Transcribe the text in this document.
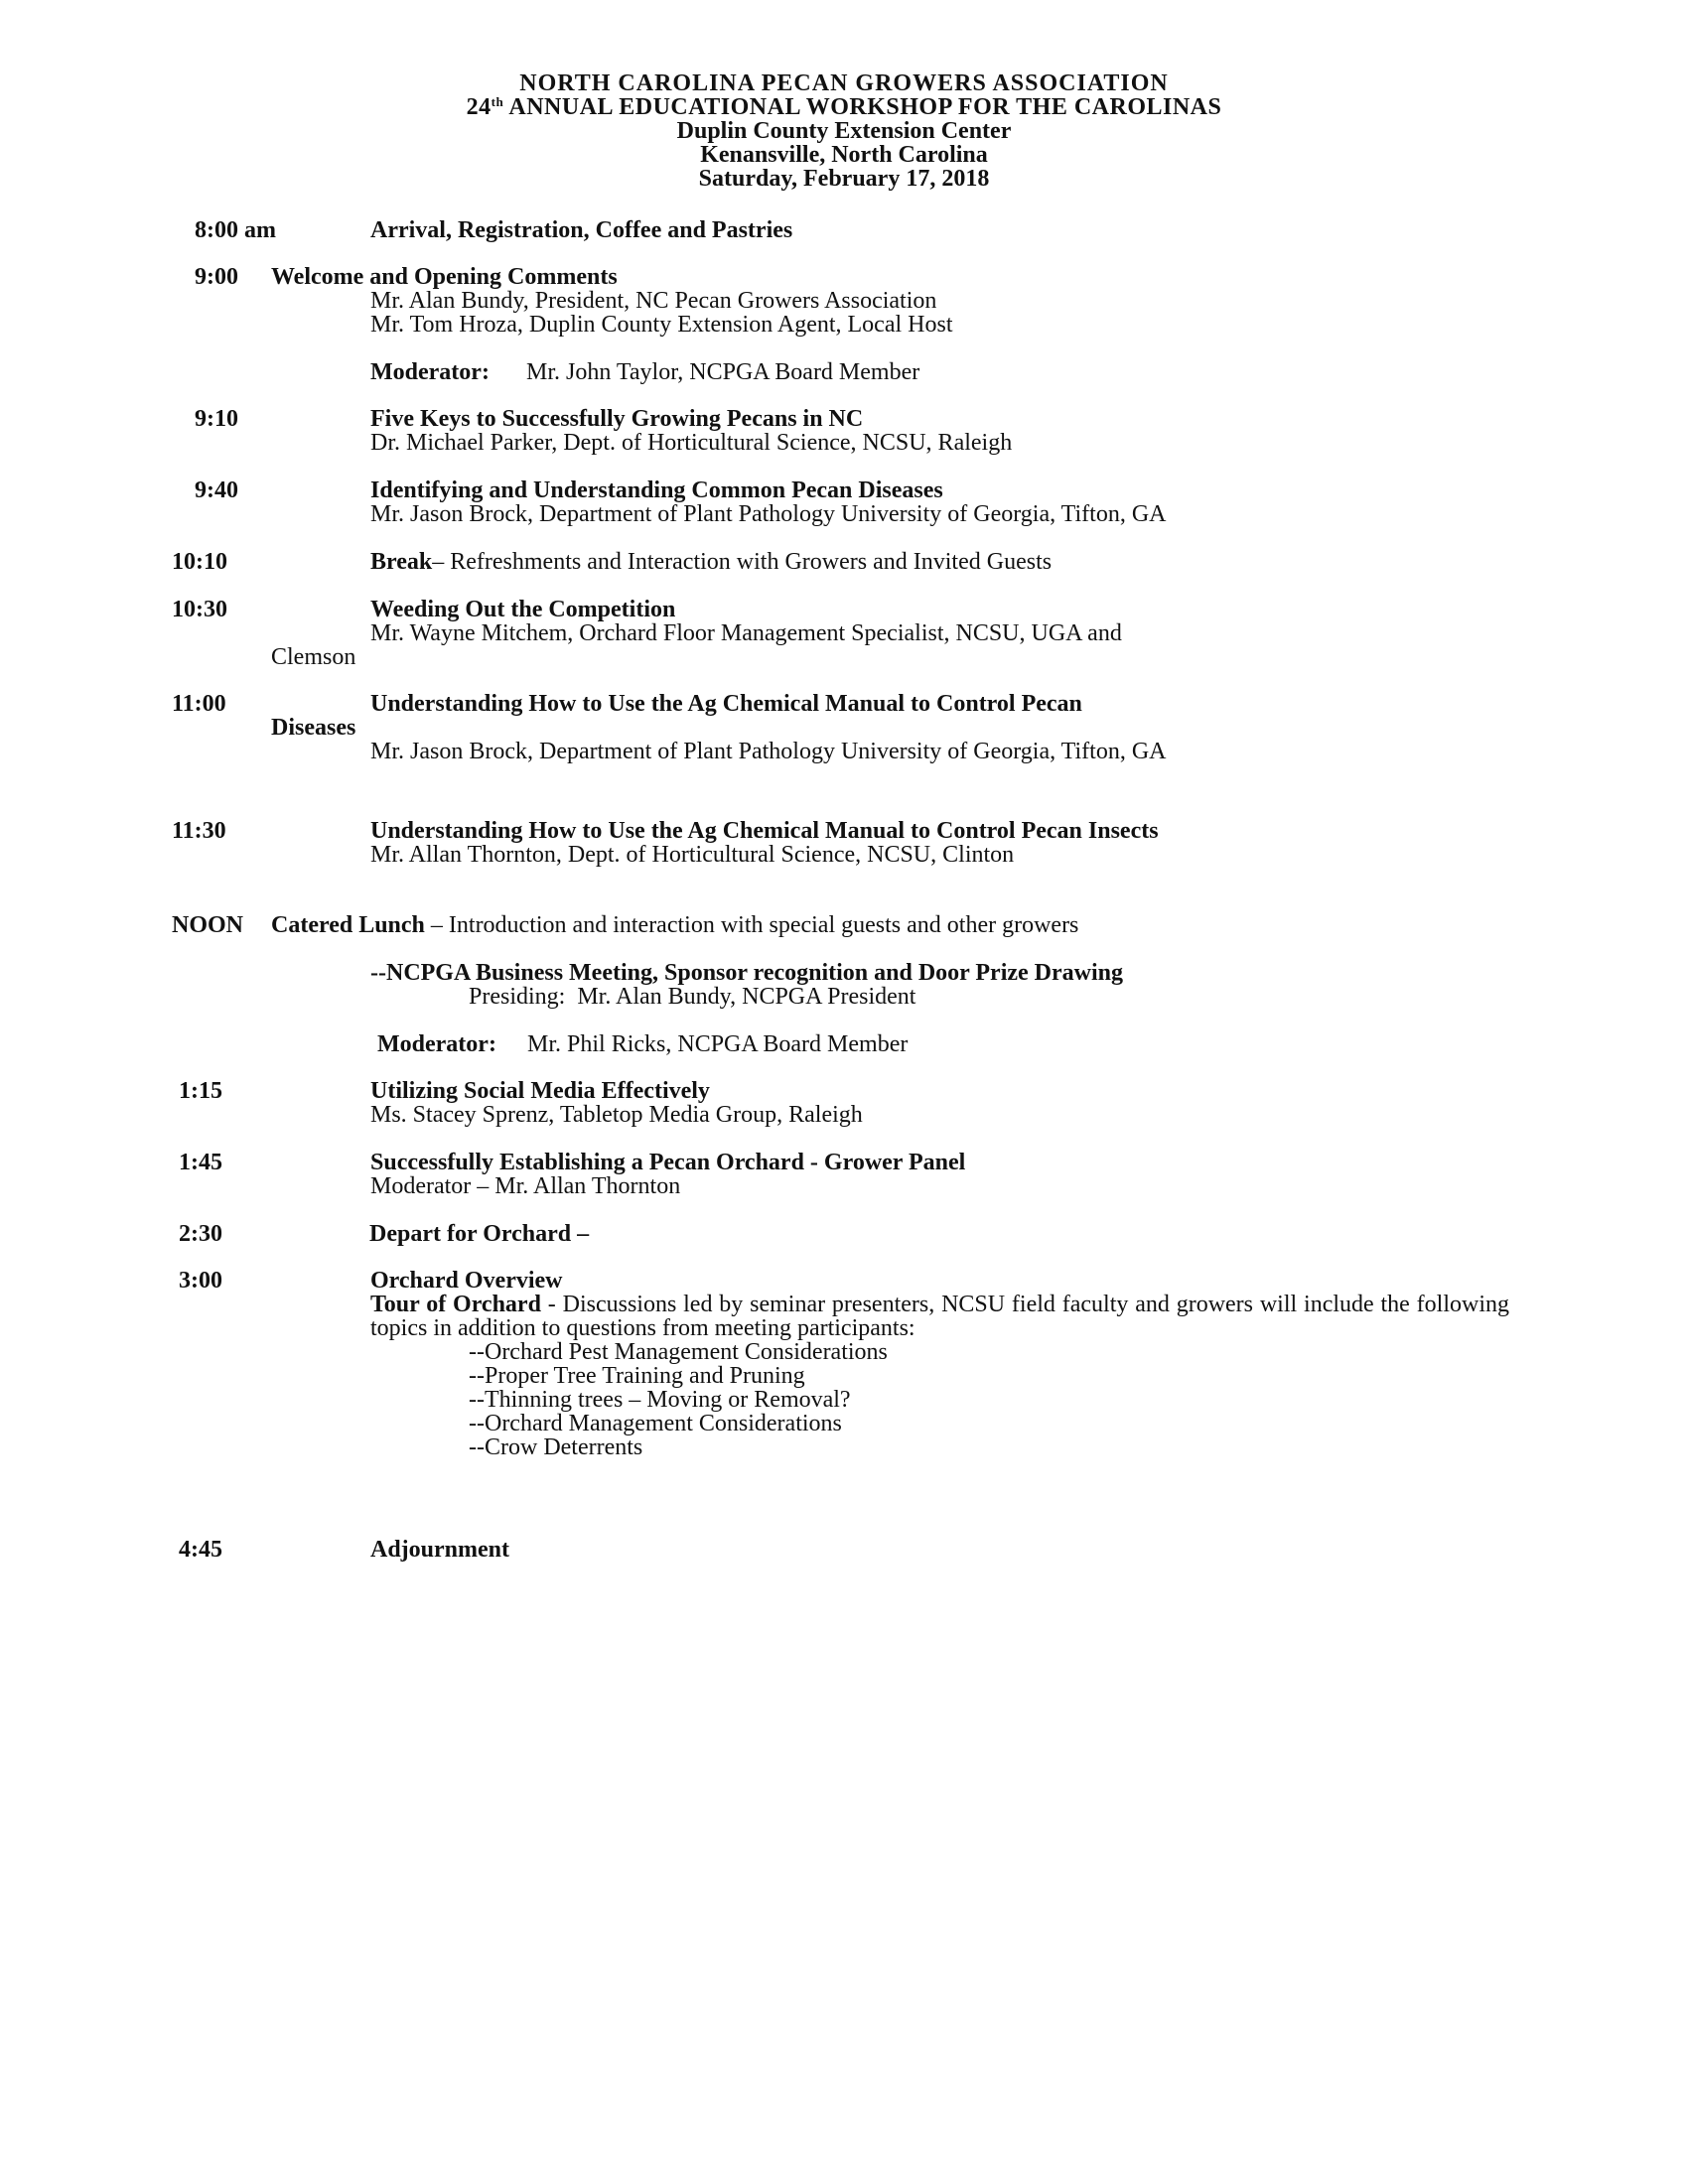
NORTH CAROLINA PECAN GROWERS ASSOCIATION
24th ANNUAL EDUCATIONAL WORKSHOP FOR THE CAROLINAS
Duplin County Extension Center
Kenansville, North Carolina
Saturday, February 17, 2018
8:00 am	Arrival, Registration, Coffee and Pastries
9:00 Welcome and Opening Comments
Mr. Alan Bundy, President, NC Pecan Growers Association
Mr. Tom Hroza, Duplin County Extension Agent, Local Host
Moderator: Mr. John Taylor, NCPGA Board Member
9:10	Five Keys to Successfully Growing Pecans in NC
Dr. Michael Parker, Dept. of Horticultural Science, NCSU, Raleigh
9:40	Identifying and Understanding Common Pecan Diseases
Mr. Jason Brock, Department of Plant Pathology University of Georgia, Tifton, GA
10:10	Break– Refreshments and Interaction with Growers and Invited Guests
10:30	Weeding Out the Competition
Mr. Wayne Mitchem, Orchard Floor Management Specialist, NCSU, UGA and
Clemson
11:00	Understanding How to Use the Ag Chemical Manual to Control Pecan
Diseases
Mr. Jason Brock, Department of Plant Pathology University of Georgia, Tifton, GA
11:30	Understanding How to Use the Ag Chemical Manual to Control Pecan Insects
Mr. Allan Thornton, Dept. of Horticultural Science, NCSU, Clinton
NOON Catered Lunch – Introduction and interaction with special guests and other growers
--NCPGA Business Meeting, Sponsor recognition and Door Prize Drawing
Presiding:  Mr. Alan Bundy, NCPGA President
Moderator: Mr. Phil Ricks, NCPGA Board Member
1:15	Utilizing Social Media Effectively
Ms. Stacey Sprenz, Tabletop Media Group, Raleigh
1:45	Successfully Establishing a Pecan Orchard - Grower Panel
Moderator – Mr. Allan Thornton
2:30	Depart for Orchard –
3:00	Orchard Overview
Tour of Orchard - Discussions led by seminar presenters, NCSU field faculty and growers will include the following topics in addition to questions from meeting participants:
--Orchard Pest Management Considerations
--Proper Tree Training and Pruning
--Thinning trees – Moving or Removal?
--Orchard Management Considerations
--Crow Deterrents
4:45	Adjournment
